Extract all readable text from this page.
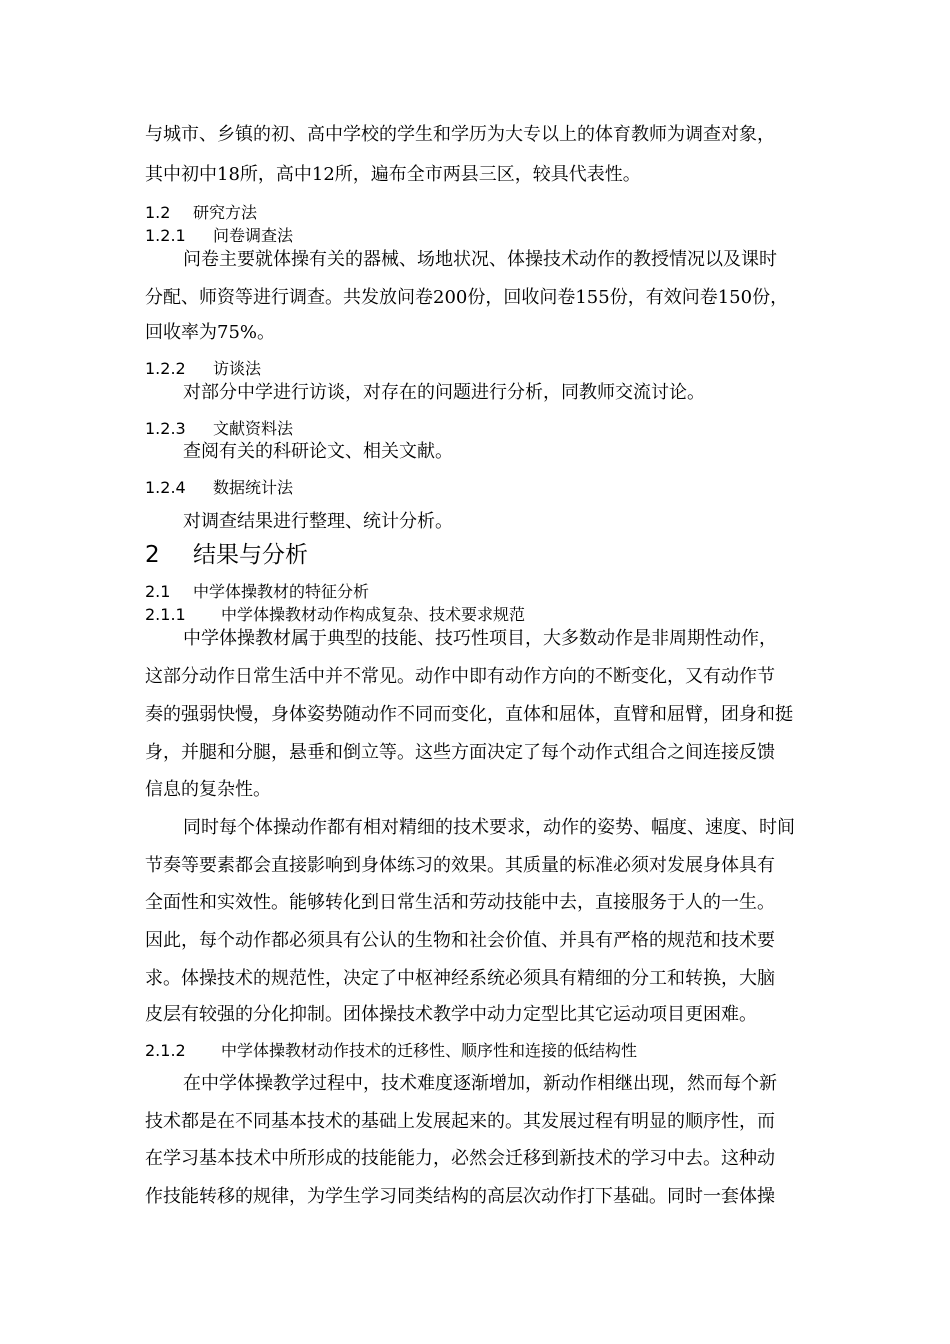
与城市、乡镇的初、高中学校的学生和学历为大专以上的体育教师为调查对象，
其中初中18所，高中12所，遍布全市两县三区，较具代表性。
1.2 研究方法
1.2.1 问卷调查法
问卷主要就体操有关的器械、场地状况、体操技术动作的教授情况以及课时
分配、师资等进行调查。共发放问卷200份，回收问卷155份，有效问卷150份，
回收率为75%。
1.2.2 访谈法
对部分中学进行访谈，对存在的问题进行分析，同教师交流讨论。
1.2.3 文献资料法
查阅有关的科研论文、相关文献。
1.2.4 数据统计法
对调查结果进行整理、统计分析。
2 结果与分析
2.1 中学体操教材的特征分析
2.1.1 中学体操教材动作构成复杂、技术要求规范
中学体操教材属于典型的技能、技巧性项目，大多数动作是非周期性动作，
这部分动作日常生活中并不常见。动作中即有动作方向的不断变化，又有动作节
奏的强弱快慢，身体姿势随动作不同而变化，直体和屈体，直臂和屈臂，团身和挺
身，并腿和分腿，悬垂和倒立等。这些方面决定了每个动作式组合之间连接反馈
信息的复杂性。
同时每个体操动作都有相对精细的技术要求，动作的姿势、幅度、速度、时间
节奏等要素都会直接影响到身体练习的效果。其质量的标准必须对发展身体具有
全面性和实效性。能够转化到日常生活和劳动技能中去，直接服务于人的一生。
因此，每个动作都必须具有公认的生物和社会价值、并具有严格的规范和技术要
求。体操技术的规范性，决定了中枢神经系统必须具有精细的分工和转换，大脑
皮层有较强的分化抑制。团体操技术教学中动力定型比其它运动项目更困难。
2.1.2 中学体操教材动作技术的迁移性、顺序性和连接的低结构性
在中学体操教学过程中，技术难度逐渐增加，新动作相继出现，然而每个新
技术都是在不同基本技术的基础上发展起来的。其发展过程有明显的顺序性，而
在学习基本技术中所形成的技能能力，必然会迁移到新技术的学习中去。这种动
作技能转移的规律，为学生学习同类结构的高层次动作打下基础。同时一套体操
